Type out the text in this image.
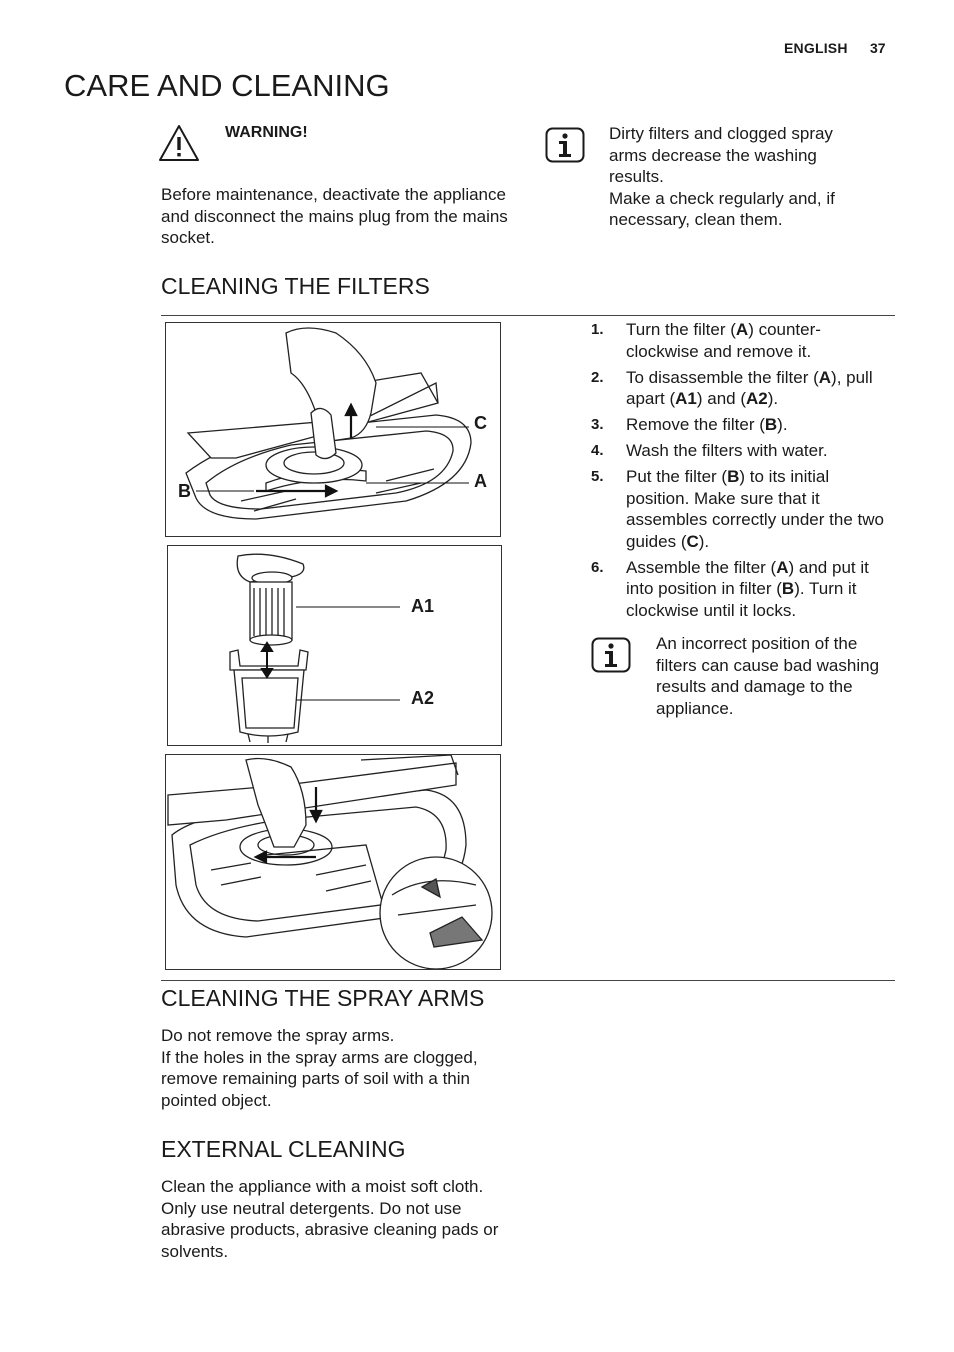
ENGLISH 37
CARE AND CLEANING
WARNING!
Before maintenance, deactivate the appliance and disconnect the mains plug from the mains socket.
Dirty filters and clogged spray arms decrease the washing results.
Make a check regularly and, if necessary, clean them.
CLEANING THE FILTERS
C
A
B
A1
A2
1. Turn the filter (A) counter-clockwise and remove it.
2. To disassemble the filter (A), pull apart (A1) and (A2).
3. Remove the filter (B).
4. Wash the filters with water.
5. Put the filter (B) to its initial position. Make sure that it assembles correctly under the two guides (C).
6. Assemble the filter (A) and put it into position in filter (B). Turn it clockwise until it locks.
An incorrect position of the filters can cause bad washing results and damage to the appliance.
CLEANING THE SPRAY ARMS
Do not remove the spray arms.
If the holes in the spray arms are clogged, remove remaining parts of soil with a thin pointed object.
EXTERNAL CLEANING
Clean the appliance with a moist soft cloth.
Only use neutral detergents. Do not use abrasive products, abrasive cleaning pads or solvents.
